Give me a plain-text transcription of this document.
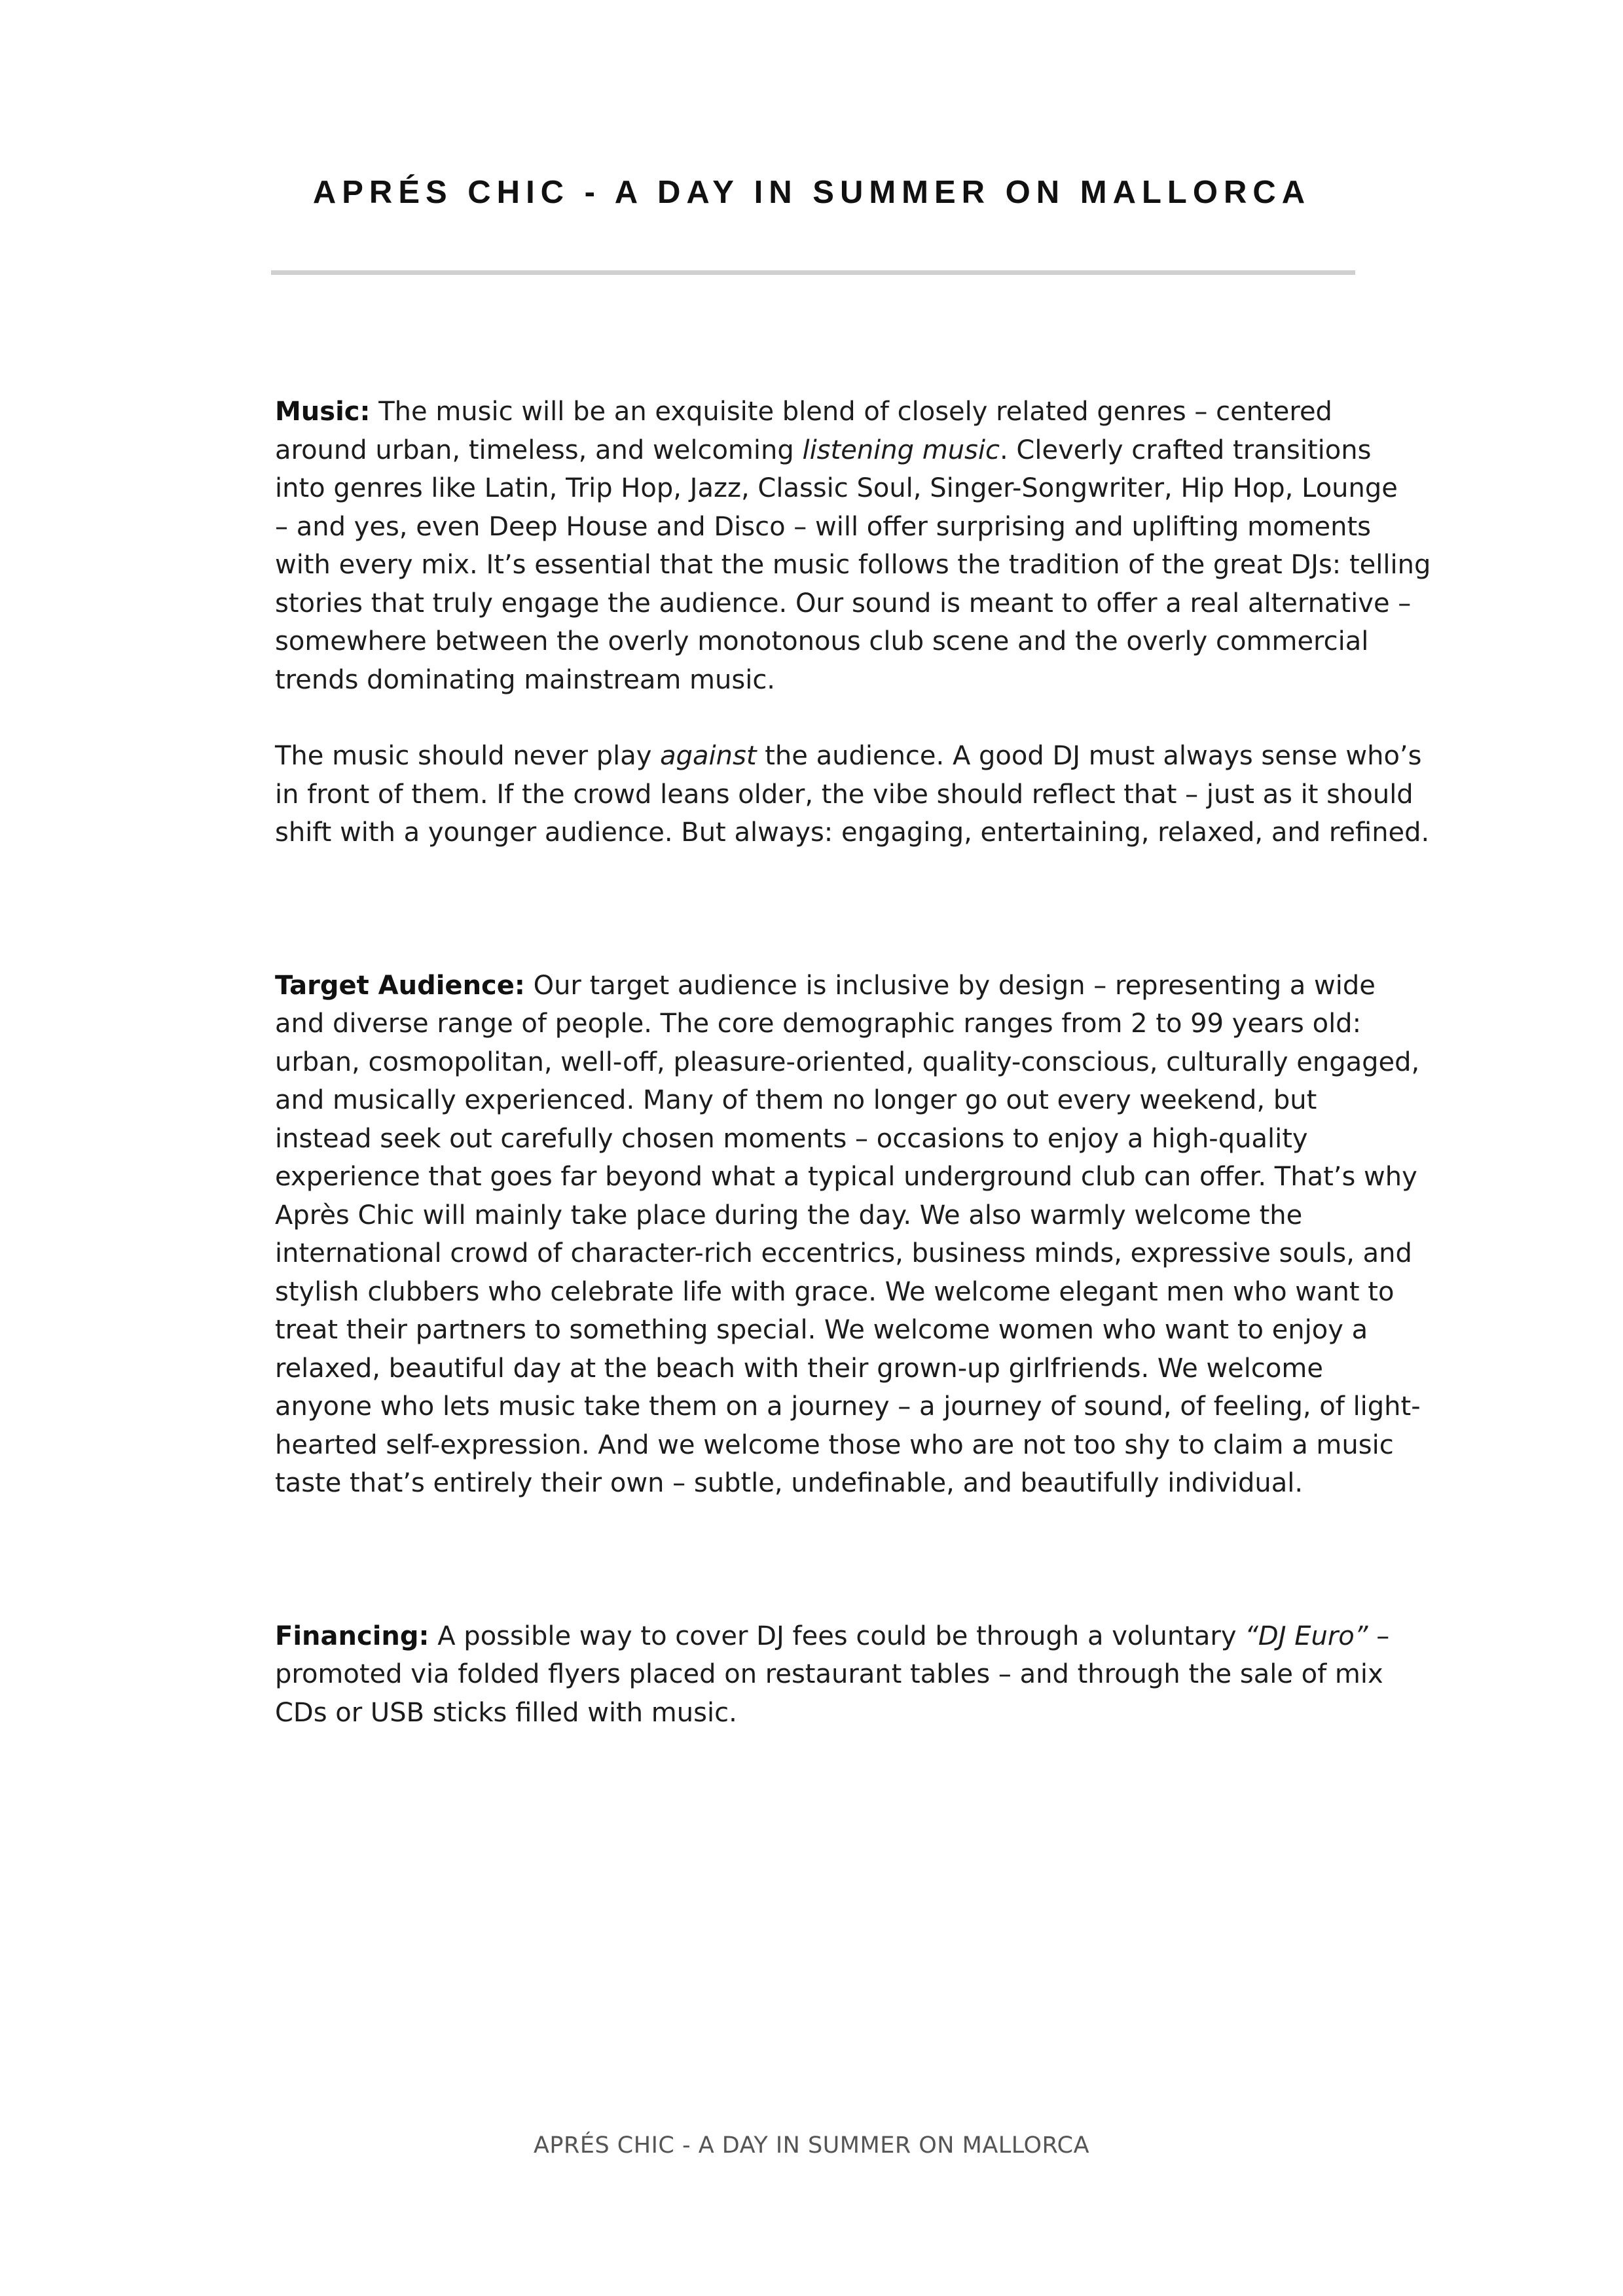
APRÉS CHIC - A DAY IN SUMMER ON MALLORCA

Music: The music will be an exquisite blend of closely related genres – centered
around urban, timeless, and welcoming listening music. Cleverly crafted transitions
into genres like Latin, Trip Hop, Jazz, Classic Soul, Singer-Songwriter, Hip Hop, Lounge
– and yes, even Deep House and Disco – will offer surprising and uplifting moments
with every mix. It’s essential that the music follows the tradition of the great DJs: telling
stories that truly engage the audience. Our sound is meant to offer a real alternative –
somewhere between the overly monotonous club scene and the overly commercial
trends dominating mainstream music.

The music should never play against the audience. A good DJ must always sense who’s
in front of them. If the crowd leans older, the vibe should reflect that – just as it should
shift with a younger audience. But always: engaging, entertaining, relaxed, and refined.

Target Audience: Our target audience is inclusive by design – representing a wide
and diverse range of people. The core demographic ranges from 2 to 99 years old:
urban, cosmopolitan, well-off, pleasure-oriented, quality-conscious, culturally engaged,
and musically experienced. Many of them no longer go out every weekend, but
instead seek out carefully chosen moments – occasions to enjoy a high-quality
experience that goes far beyond what a typical underground club can offer. That’s why
Après Chic will mainly take place during the day. We also warmly welcome the
international crowd of character-rich eccentrics, business minds, expressive souls, and
stylish clubbers who celebrate life with grace. We welcome elegant men who want to
treat their partners to something special. We welcome women who want to enjoy a
relaxed, beautiful day at the beach with their grown-up girlfriends. We welcome
anyone who lets music take them on a journey – a journey of sound, of feeling, of light-
hearted self-expression. And we welcome those who are not too shy to claim a music
taste that’s entirely their own – subtle, undefinable, and beautifully individual.

Financing: A possible way to cover DJ fees could be through a voluntary “DJ Euro” –
promoted via folded flyers placed on restaurant tables – and through the sale of mix
CDs or USB sticks filled with music.

APRÉS CHIC - A DAY IN SUMMER ON MALLORCA
